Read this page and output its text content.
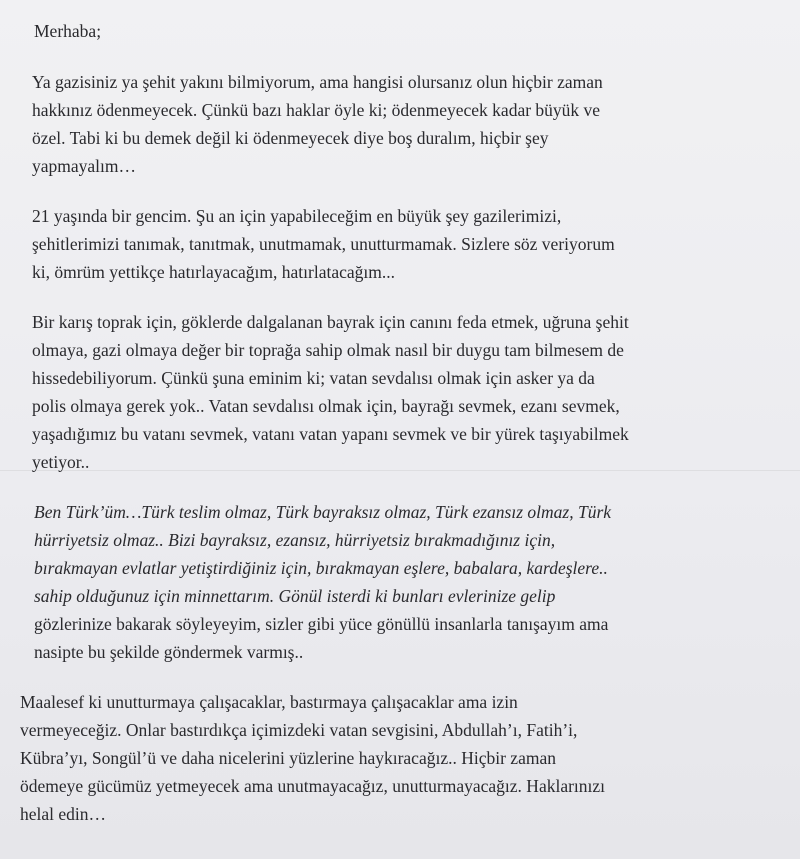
Merhaba;
Ya gazisiniz ya şehit yakını bilmiyorum, ama hangisi olursanız olun hiçbir zaman
hakkınız ödenmeyecek. Çünkü bazı haklar öyle ki; ödenmeyecek kadar büyük ve
özel. Tabi ki bu demek değil ki ödenmeyecek diye boş duralım, hiçbir şey
yapmayalım…
21 yaşında bir gencim. Şu an için yapabileceğim en büyük şey gazilerimizi,
şehitlerimizi tanımak, tanıtmak, unutmamak, unutturmamak. Sizlere söz veriyorum
ki, ömrüm yettikçe hatırlayacağım, hatırlatacağım...
Bir karış toprak için, göklerde dalgalanan bayrak için canını feda etmek, uğruna şehit
olmaya, gazi olmaya değer bir toprağa sahip olmak nasıl bir duygu tam bilmesem de
hissedebiliyorum. Çünkü şuna eminim ki; vatan sevdalısı olmak için asker ya da
polis olmaya gerek yok.. Vatan sevdalısı olmak için, bayrağı sevmek, ezanı sevmek,
yaşadığımız bu vatanı sevmek, vatanı vatan yapanı sevmek ve bir yürek taşıyabilmek
yetiyor..
Ben Türk’üm…Türk teslim olmaz, Türk bayraksız olmaz, Türk ezansız olmaz, Türk
hürriyetsiz olmaz.. Bizi bayraksız, ezansız, hürriyetsiz bırakmadığınız için,
bırakmayan evlatlar yetiştirdiğiniz için, bırakmayan eşlere, babalara, kardeşlere..
sahip olduğunuz için minnettarım. Gönül isterdi ki bunları evlerinize gelip
gözlerinize bakarak söyleyeyim, sizler gibi yüce gönüllü insanlarla tanışayım ama
nasipte bu şekilde göndermek varmış..
Maalesef ki unutturmaya çalışacaklar, bastırmaya çalışacaklar ama izin
vermeyeceğiz. Onlar bastırdıkça içimizdeki vatan sevgisini, Abdullah’ı, Fatih’i,
Kübra’yı, Songül’ü ve daha nicelerini yüzlerine haykıracağız.. Hiçbir zaman
ödemeye gücümüz yetmeyecek ama unutmayacağız, unutturmayacağız. Haklarınızı
helal edin…
